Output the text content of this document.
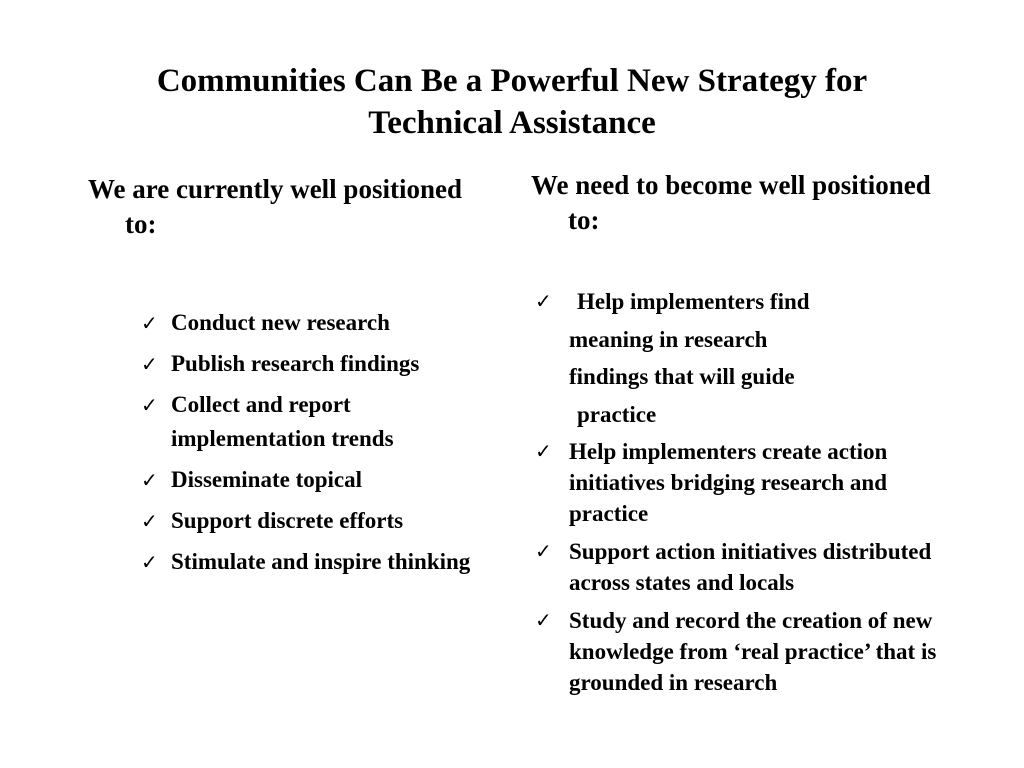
Communities Can Be a Powerful New Strategy for
Technical Assistance
We are currently well positioned to:
✓ Conduct new research
✓ Publish research findings
✓ Collect and report implementation trends
✓ Disseminate topical
✓ Support discrete efforts
✓ Stimulate and inspire thinking
We need to become well positioned to:
✓	Help implementers find
meaning in research
findings that will guide
practice
✓ Help implementers create action initiatives bridging research and practice
✓ Support action initiatives distributed across states and locals
✓ Study and record the creation of new knowledge from ‘real practice’ that is grounded in research
